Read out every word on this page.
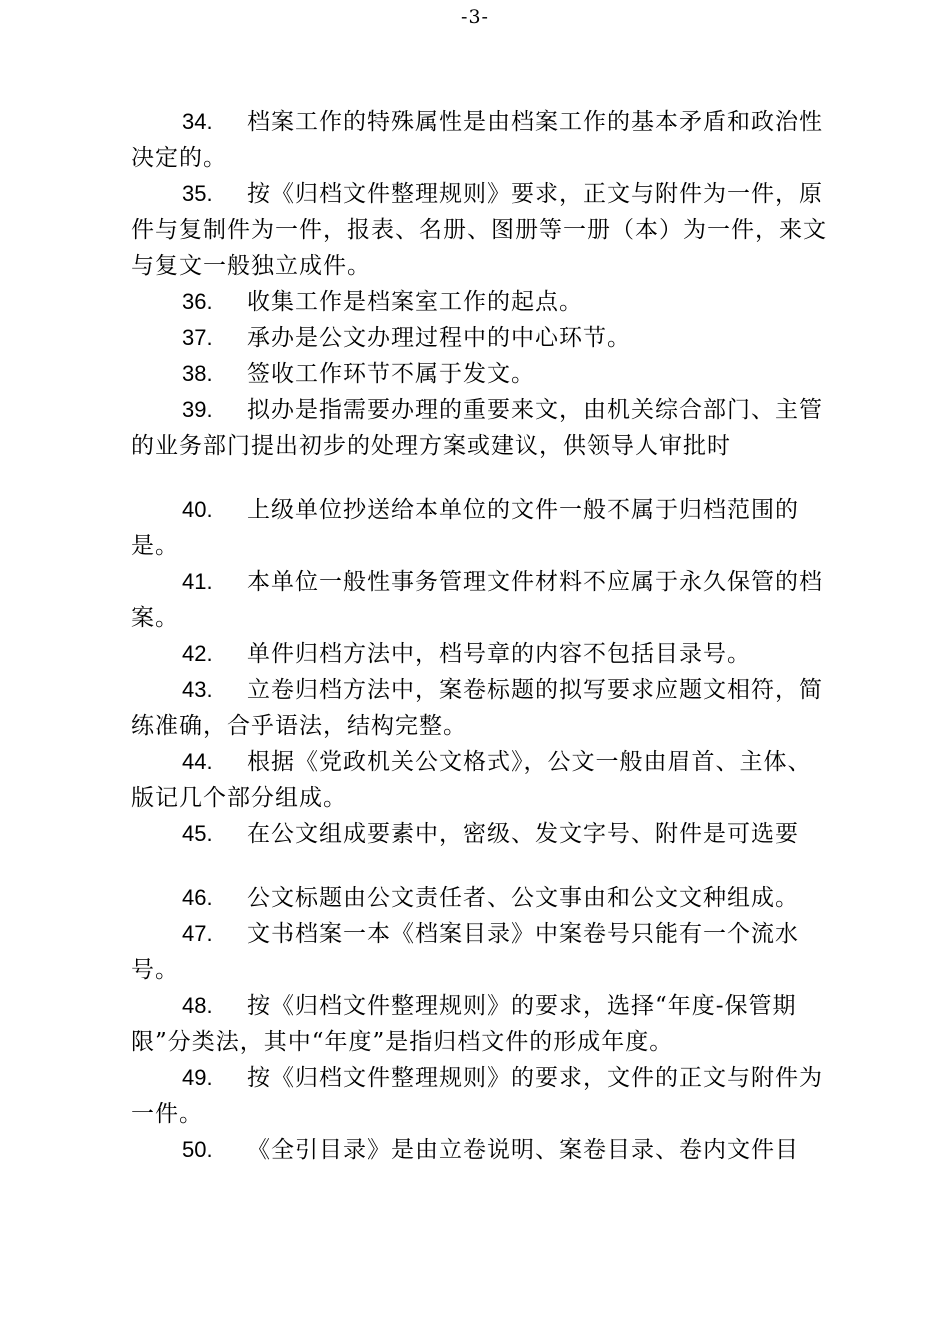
-3-
34. 档案工作的特殊属性是由档案工作的基本矛盾和政治性决定的。
35. 按《归档文件整理规则》要求，正文与附件为一件，原件与复制件为一件，报表、名册、图册等一册（本）为一件，来文与复文一般独立成件。
36. 收集工作是档案室工作的起点。
37. 承办是公文办理过程中的中心环节。
38. 签收工作环节不属于发文。
39. 拟办是指需要办理的重要来文，由机关综合部门、主管的业务部门提出初步的处理方案或建议，供领导人审批时
40. 上级单位抄送给本单位的文件一般不属于归档范围的是。
41. 本单位一般性事务管理文件材料不应属于永久保管的档案。
42. 单件归档方法中，档号章的内容不包括目录号。
43. 立卷归档方法中，案卷标题的拟写要求应题文相符，简练准确，合乎语法，结构完整。
44. 根据《党政机关公文格式》，公文一般由眉首、主体、版记几个部分组成。
45. 在公文组成要素中，密级、发文字号、附件是可选要
46. 公文标题由公文责任者、公文事由和公文文种组成。
47. 文书档案一本《档案目录》中案卷号只能有一个流水号。
48. 按《归档文件整理规则》的要求，选择“年度-保管期限”分类法，其中“年度”是指归档文件的形成年度。
49. 按《归档文件整理规则》的要求，文件的正文与附件为一件。
50. 《全引目录》是由立卷说明、案卷目录、卷内文件目
